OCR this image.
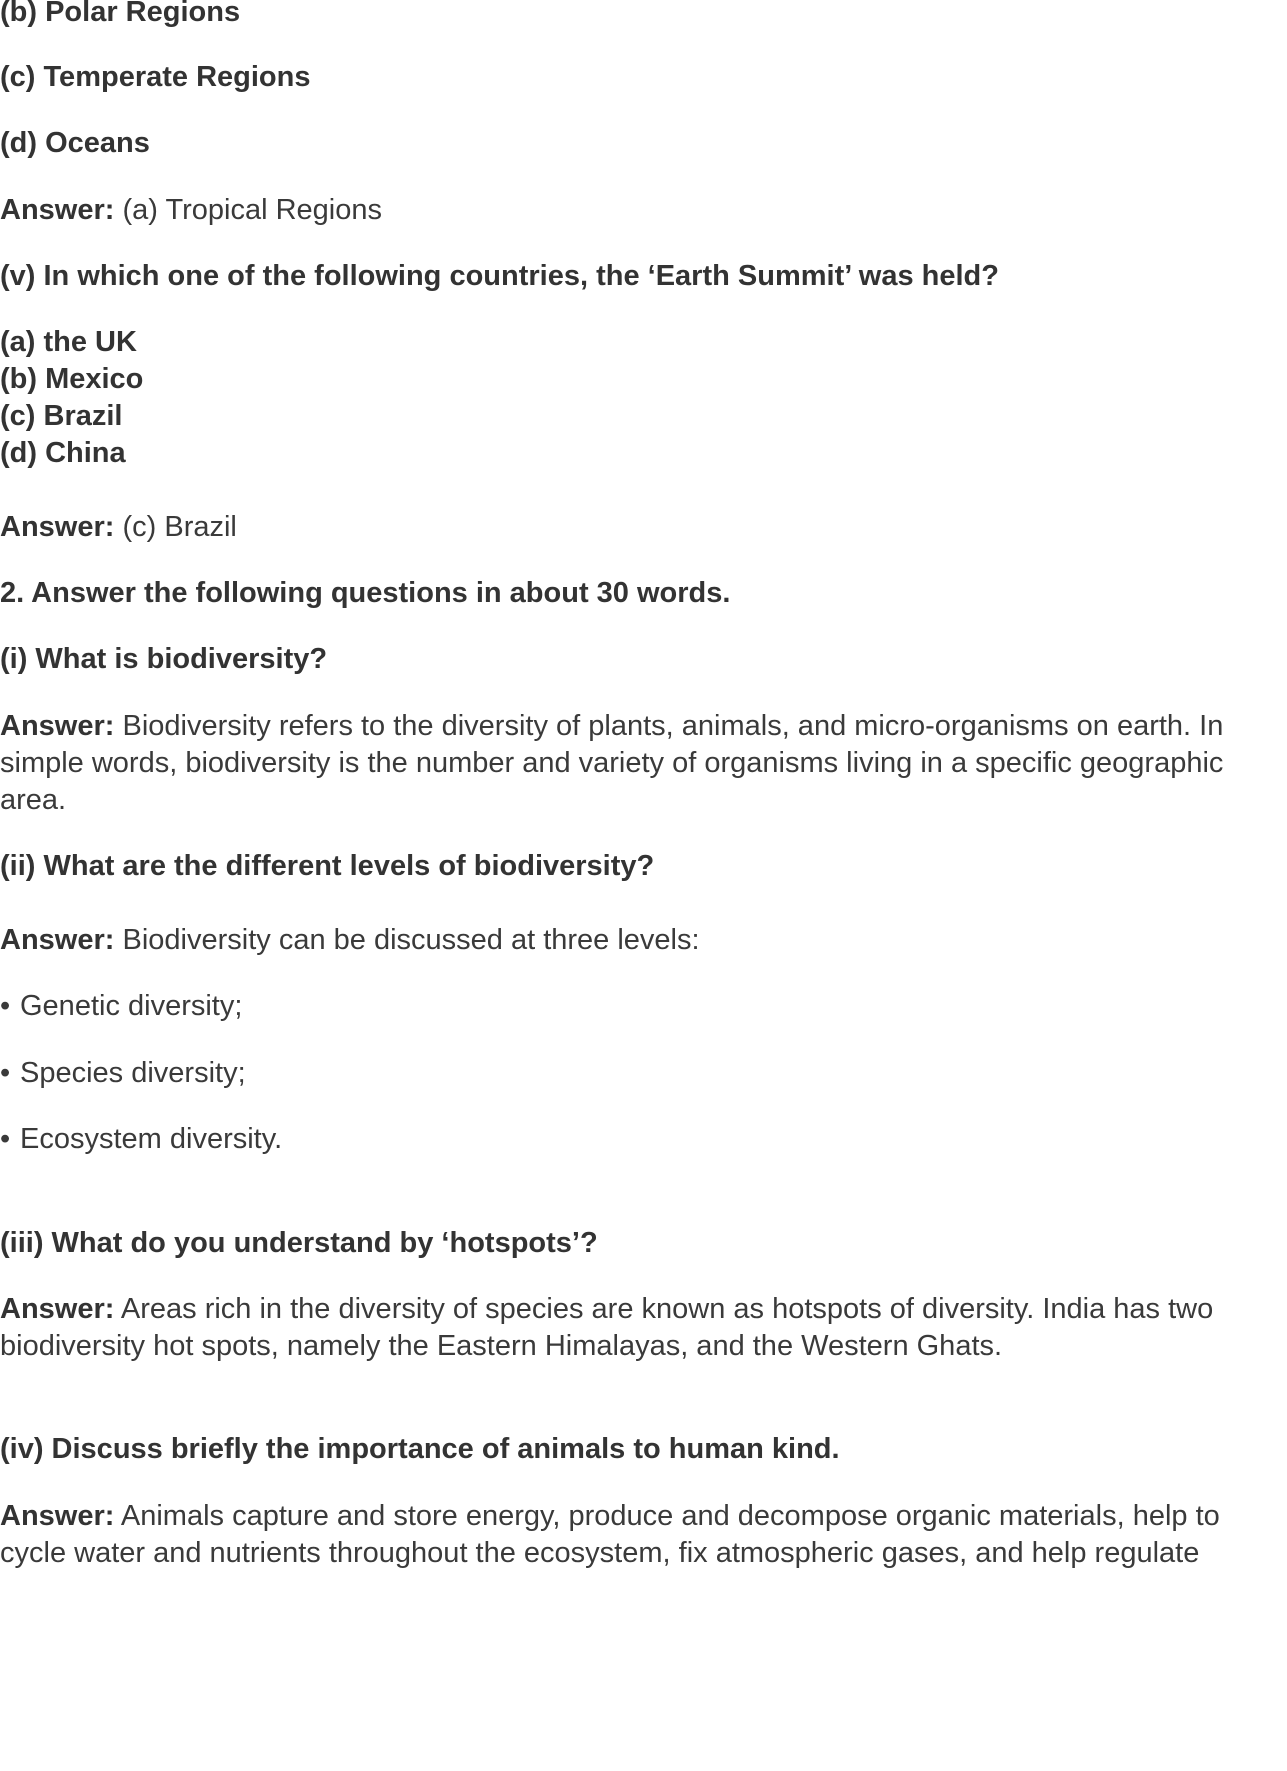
(b) Polar Regions

(c) Temperate Regions

(d) Oceans

Answer: (a) Tropical Regions

(v) In which one of the following countries, the ‘Earth Summit’ was held?

(a) the UK

(b) Mexico

(c) Brazil

(d) China

Answer: (c) Brazil

2. Answer the following questions in about 30 words.

(i) What is biodiversity?

Answer: Biodiversity refers to the diversity of plants, animals, and micro-organisms on earth. In

simple words, biodiversity is the number and variety of organisms living in a specific geographic

area.

(ii) What are the different levels of biodiversity?

Answer: Biodiversity can be discussed at three levels:

• Genetic diversity;

• Species diversity;

• Ecosystem diversity.

(iii) What do you understand by ‘hotspots’?

Answer: Areas rich in the diversity of species are known as hotspots of diversity. India has two

biodiversity hot spots, namely the Eastern Himalayas, and the Western Ghats.

(iv) Discuss briefly the importance of animals to human kind.

Answer: Animals capture and store energy, produce and decompose organic materials, help to

cycle water and nutrients throughout the ecosystem, fix atmospheric gases, and help regulate
